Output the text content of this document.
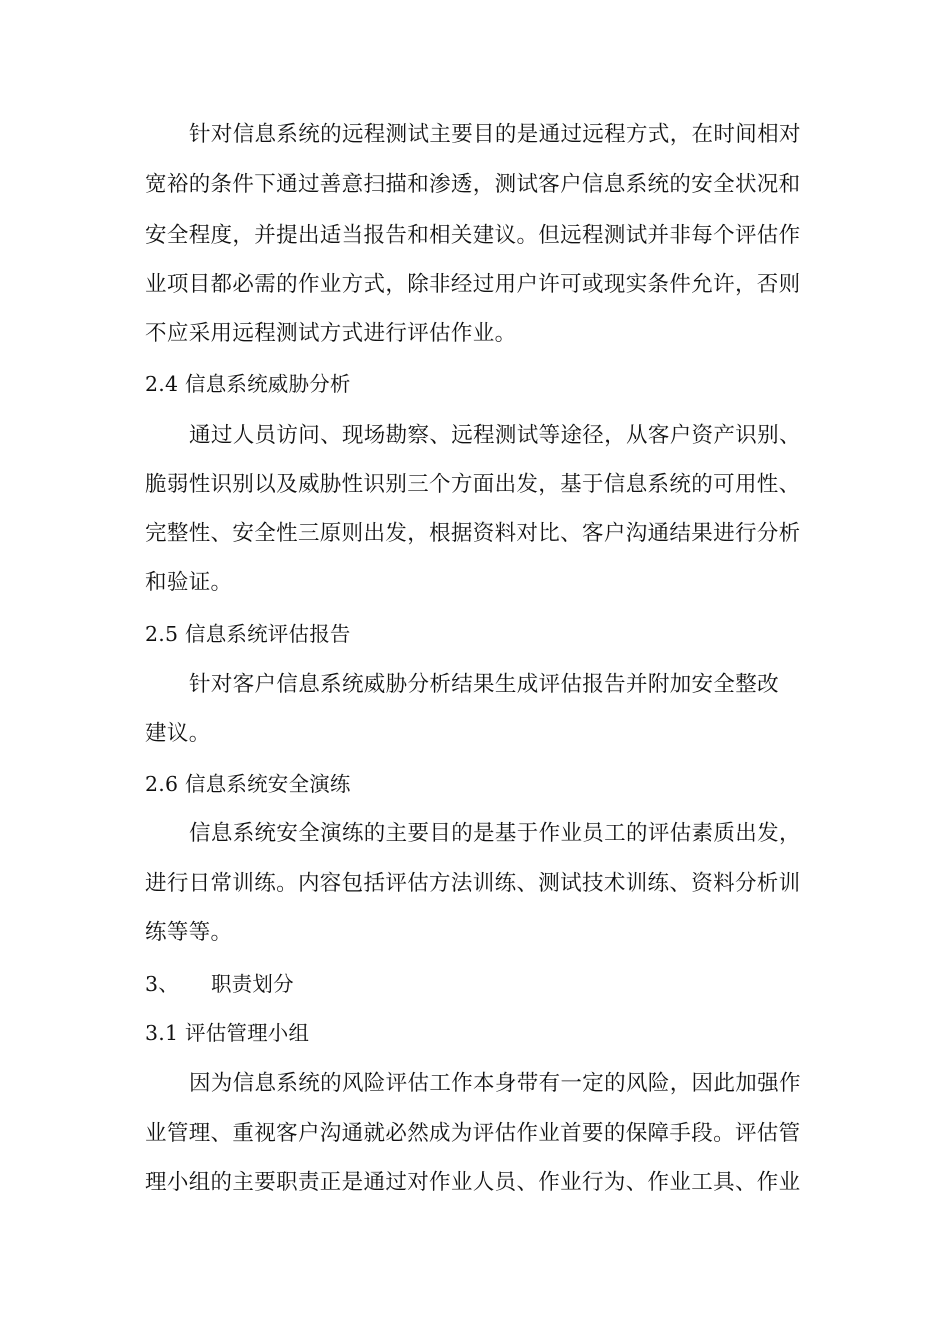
针对信息系统的远程测试主要目的是通过远程方式，在时间相对
宽裕的条件下通过善意扫描和渗透，测试客户信息系统的安全状况和
安全程度，并提出适当报告和相关建议。但远程测试并非每个评估作
业项目都必需的作业方式，除非经过用户许可或现实条件允许，否则
不应采用远程测试方式进行评估作业。
2.4 信息系统威胁分析
通过人员访问、现场勘察、远程测试等途径，从客户资产识别、
脆弱性识别以及威胁性识别三个方面出发，基于信息系统的可用性、
完整性、安全性三原则出发，根据资料对比、客户沟通结果进行分析
和验证。
2.5 信息系统评估报告
针对客户信息系统威胁分析结果生成评估报告并附加安全整改
建议。
2.6 信息系统安全演练
信息系统安全演练的主要目的是基于作业员工的评估素质出发，
进行日常训练。内容包括评估方法训练、测试技术训练、资料分析训
练等等。
3、 职责划分
3.1 评估管理小组
因为信息系统的风险评估工作本身带有一定的风险，因此加强作
业管理、重视客户沟通就必然成为评估作业首要的保障手段。评估管
理小组的主要职责正是通过对作业人员、作业行为、作业工具、作业
